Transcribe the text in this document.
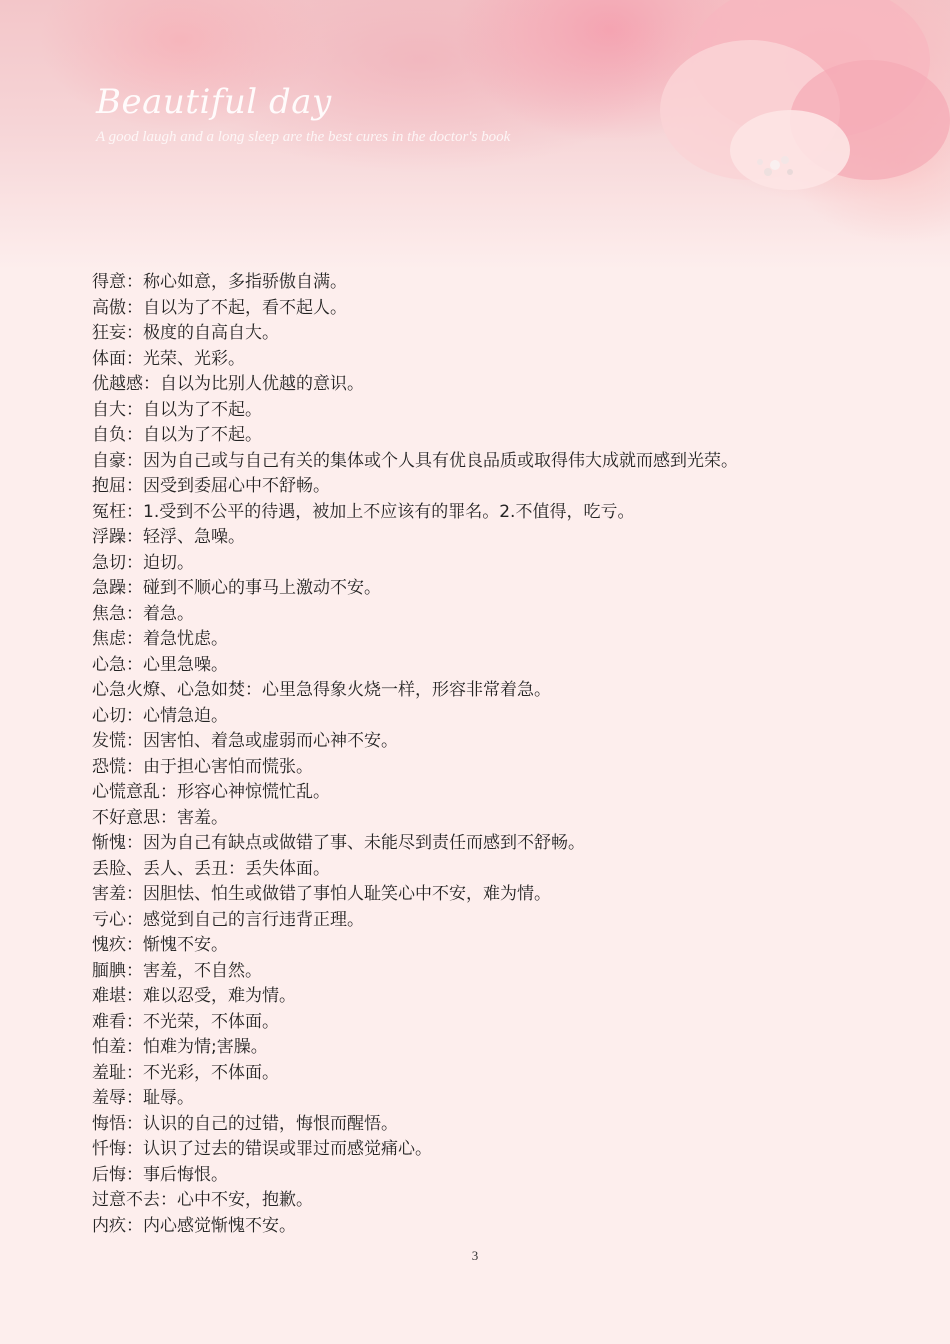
Beautiful day
A good laugh and a long sleep are the best cures in the doctor's book
得意：称心如意，多指骄傲自满。
高傲：自以为了不起，看不起人。
狂妄：极度的自高自大。
体面：光荣、光彩。
优越感：自以为比别人优越的意识。
自大：自以为了不起。
自负：自以为了不起。
自豪：因为自己或与自己有关的集体或个人具有优良品质或取得伟大成就而感到光荣。
抱屈：因受到委屈心中不舒畅。
冤枉：1.受到不公平的待遇，被加上不应该有的罪名。2.不值得，吃亏。
浮躁：轻浮、急噪。
急切：迫切。
急躁：碰到不顺心的事马上激动不安。
焦急：着急。
焦虑：着急忧虑。
心急：心里急噪。
心急火燎、心急如焚：心里急得象火烧一样，形容非常着急。
心切：心情急迫。
发慌：因害怕、着急或虚弱而心神不安。
恐慌：由于担心害怕而慌张。
心慌意乱：形容心神惊慌忙乱。
不好意思：害羞。
惭愧：因为自己有缺点或做错了事、未能尽到责任而感到不舒畅。
丢脸、丢人、丢丑：丢失体面。
害羞：因胆怯、怕生或做错了事怕人耻笑心中不安，难为情。
亏心：感觉到自己的言行违背正理。
愧疚：惭愧不安。
腼腆：害羞，不自然。
难堪：难以忍受，难为情。
难看：不光荣，不体面。
怕羞：怕难为情;害臊。
羞耻：不光彩，不体面。
羞辱：耻辱。
悔悟：认识的自己的过错，悔恨而醒悟。
忏悔：认识了过去的错误或罪过而感觉痛心。
后悔：事后悔恨。
过意不去：心中不安，抱歉。
内疚：内心感觉惭愧不安。
3
